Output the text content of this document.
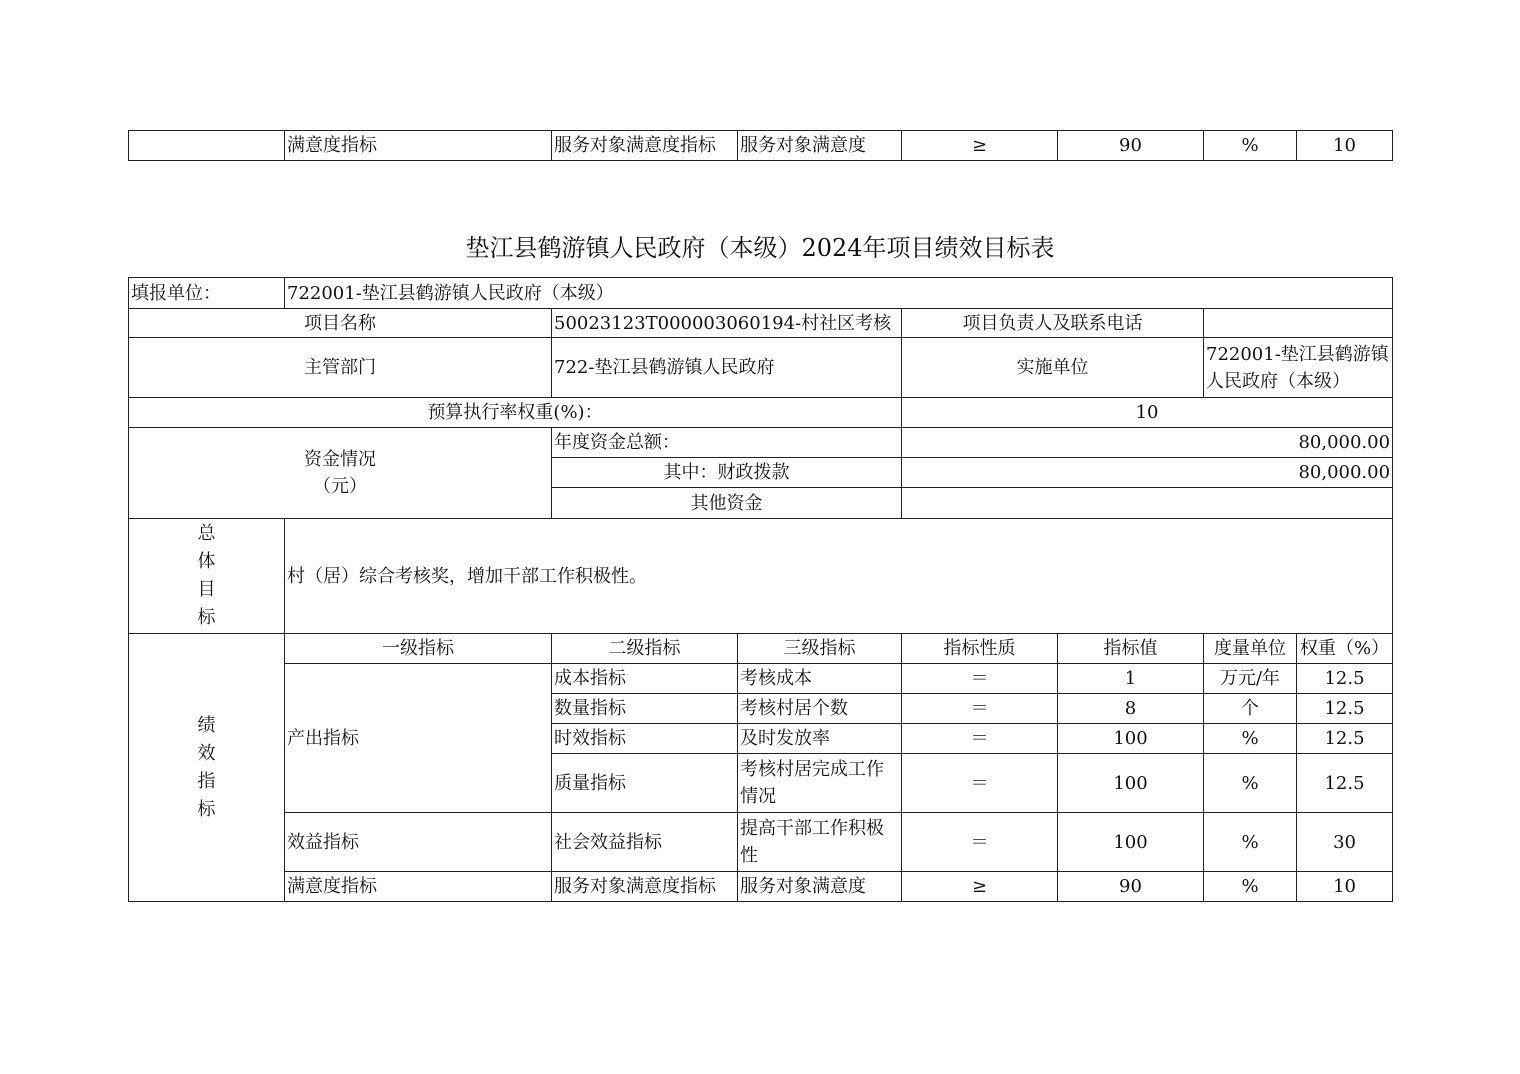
	满意度指标	服务对象满意度指标	服务对象满意度	≥	90	%	10
垫江县鹤游镇人民政府（本级）2024年项目绩效目标表
填报单位：	722001-垫江县鹤游镇人民政府（本级）						
项目名称		50023123T000003060194-村社区考核		项目负责人及联系电话			
主管部门		722-垫江县鹤游镇人民政府		实施单位		722001-垫江县鹤游镇人民政府（本级）	
预算执行率权重(%)：				10			

资金情况
（元）		年度资金总额：		80,000.00			
		其中：财政拨款		80,000.00			
		其他资金					

总
体
目
标	村（居）综合考核奖，增加干部工作积极性。						

绩
效
指
标	一级指标	二级指标	三级指标	指标性质	指标值	度量单位	权重（%）
	产出指标	成本指标	考核成本	＝	1	万元/年	12.5
		数量指标	考核村居个数	＝	8	个	12.5
		时效指标	及时发放率	＝	100	%	12.5
		质量指标	考核村居完成工作情况	＝	100	%	12.5
	效益指标	社会效益指标	提高干部工作积极性	＝	100	%	30
	满意度指标	服务对象满意度指标	服务对象满意度	≥	90	%	10
